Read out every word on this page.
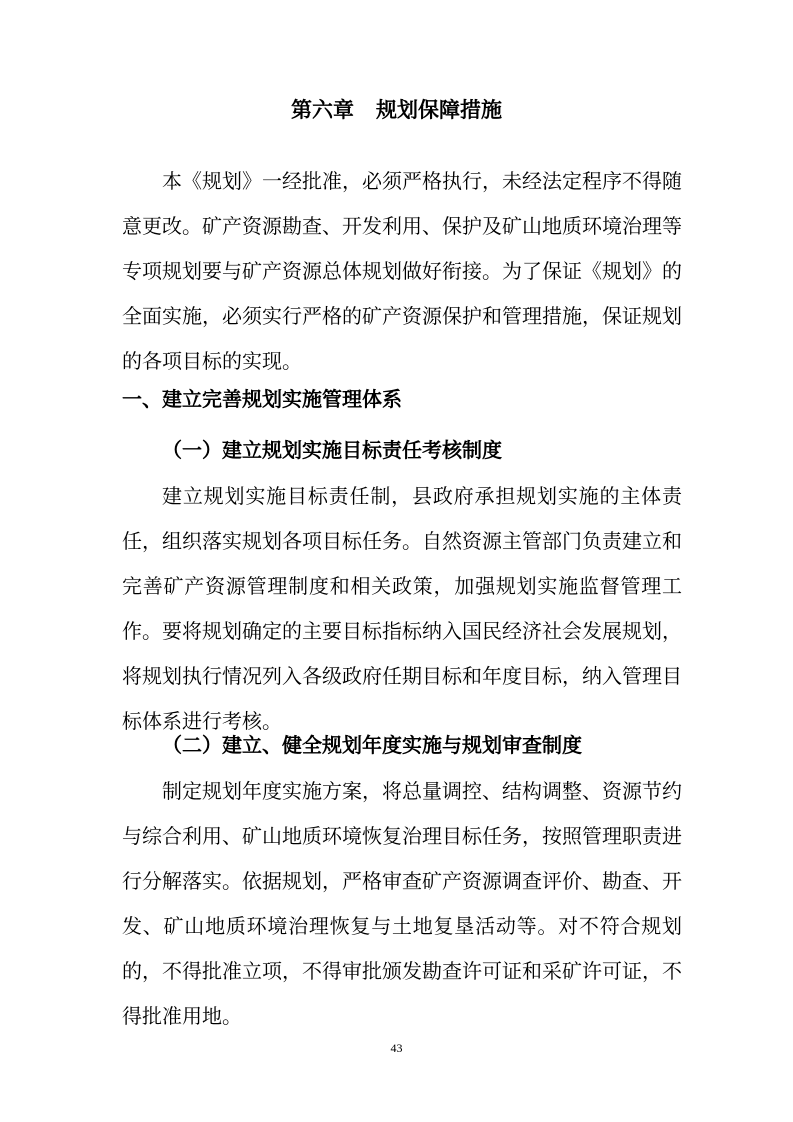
第六章 规划保障措施

本《规划》一经批准，必须严格执行，未经法定程序不得随意更改。矿产资源勘查、开发利用、保护及矿山地质环境治理等专项规划要与矿产资源总体规划做好衔接。为了保证《规划》的全面实施，必须实行严格的矿产资源保护和管理措施，保证规划的各项目标的实现。

一、建立完善规划实施管理体系
（一）建立规划实施目标责任考核制度

建立规划实施目标责任制，县政府承担规划实施的主体责任，组织落实规划各项目标任务。自然资源主管部门负责建立和完善矿产资源管理制度和相关政策，加强规划实施监督管理工作。要将规划确定的主要目标指标纳入国民经济社会发展规划，将规划执行情况列入各级政府任期目标和年度目标，纳入管理目标体系进行考核。

（二）建立、健全规划年度实施与规划审查制度

制定规划年度实施方案，将总量调控、结构调整、资源节约与综合利用、矿山地质环境恢复治理目标任务，按照管理职责进行分解落实。依据规划，严格审查矿产资源调查评价、勘查、开发、矿山地质环境治理恢复与土地复垦活动等。对不符合规划的，不得批准立项，不得审批颁发勘查许可证和采矿许可证，不得批准用地。

43
